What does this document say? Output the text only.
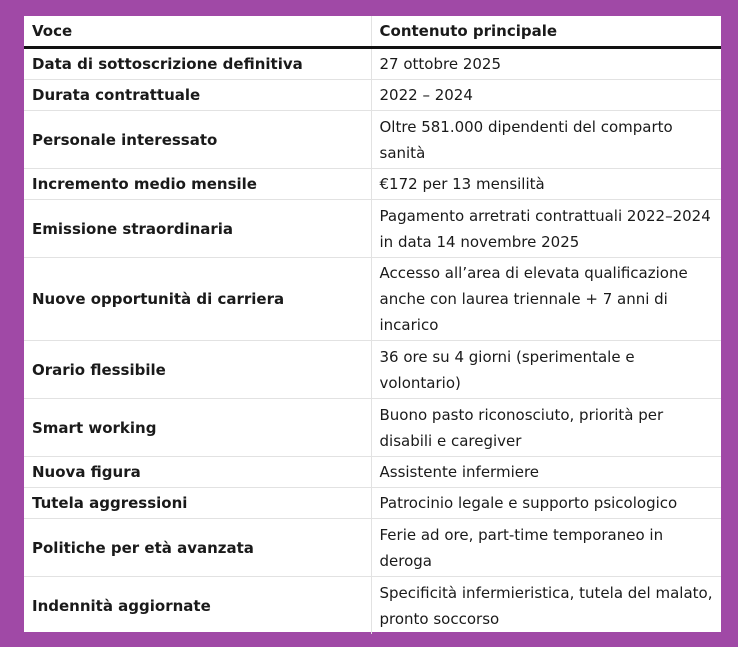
Voce	Contenuto principale
Data di sottoscrizione definitiva	27 ottobre 2025
Durata contrattuale	2022 – 2024
Personale interessato	Oltre 581.000 dipendenti del comparto sanità
Incremento medio mensile	€172 per 13 mensilità
Emissione straordinaria	Pagamento arretrati contrattuali 2022–2024 in data 14 novembre 2025
Nuove opportunità di carriera	Accesso all’area di elevata qualificazione anche con laurea triennale + 7 anni di incarico
Orario flessibile	36 ore su 4 giorni (sperimentale e volontario)
Smart working	Buono pasto riconosciuto, priorità per disabili e caregiver
Nuova figura	Assistente infermiere
Tutela aggressioni	Patrocinio legale e supporto psicologico
Politiche per età avanzata	Ferie ad ore, part-time temporaneo in deroga
Indennità aggiornate	Specificità infermieristica, tutela del malato, pronto soccorso
